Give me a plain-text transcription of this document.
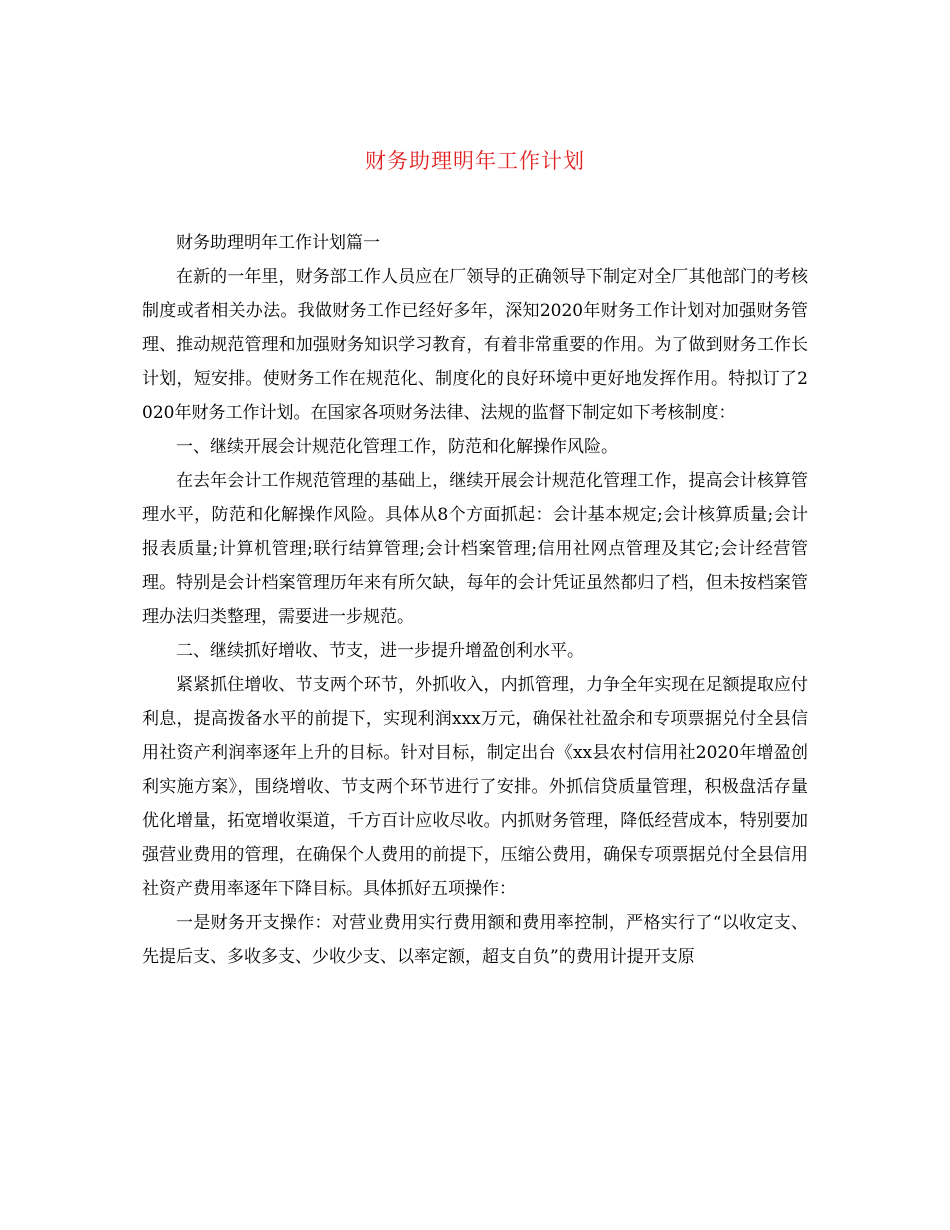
财务助理明年工作计划

财务助理明年工作计划篇一

在新的一年里，财务部工作人员应在厂领导的正确领导下制定对全厂其他部门的考核制度或者相关办法。我做财务工作已经好多年，深知2020年财务工作计划对加强财务管理、推动规范管理和加强财务知识学习教育，有着非常重要的作用。为了做到财务工作长计划，短安排。使财务工作在规范化、制度化的良好环境中更好地发挥作用。特拟订了2020年财务工作计划。在国家各项财务法律、法规的监督下制定如下考核制度：

一、继续开展会计规范化管理工作，防范和化解操作风险。

在去年会计工作规范管理的基础上，继续开展会计规范化管理工作，提高会计核算管理水平，防范和化解操作风险。具体从8个方面抓起：会计基本规定;会计核算质量;会计报表质量;计算机管理;联行结算管理;会计档案管理;信用社网点管理及其它;会计经营管理。特别是会计档案管理历年来有所欠缺，每年的会计凭证虽然都归了档，但未按档案管理办法归类整理，需要进一步规范。

二、继续抓好增收、节支，进一步提升增盈创利水平。

紧紧抓住增收、节支两个环节，外抓收入，内抓管理，力争全年实现在足额提取应付利息，提高拨备水平的前提下，实现利润xxx万元，确保社社盈余和专项票据兑付全县信用社资产利润率逐年上升的目标。针对目标，制定出台《xx县农村信用社2020年增盈创利实施方案》，围绕增收、节支两个环节进行了安排。外抓信贷质量管理，积极盘活存量优化增量，拓宽增收渠道，千方百计应收尽收。内抓财务管理，降低经营成本，特别要加强营业费用的管理，在确保个人费用的前提下，压缩公费用，确保专项票据兑付全县信用社资产费用率逐年下降目标。具体抓好五项操作：

一是财务开支操作：对营业费用实行费用额和费用率控制，严格实行了“以收定支、先提后支、多收多支、少收少支、以率定额，超支自负”的费用计提开支原
